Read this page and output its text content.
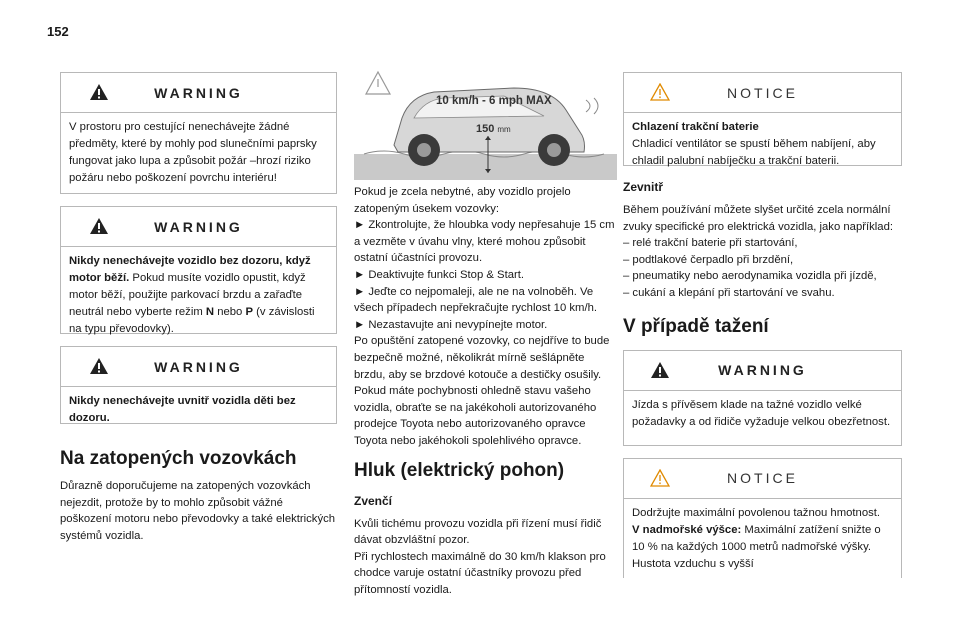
152
WARNING

V prostoru pro cestující nenechávejte žádné předměty, které by mohly pod slunečními paprsky fungovat jako lupa a způsobit požár –hrozí riziko požáru nebo poškození povrchu interiéru!

WARNING

Nikdy nenechávejte vozidlo bez dozoru, když motor běží. Pokud musíte vozidlo opustit, když motor běží, použijte parkovací brzdu a zařaďte neutrál nebo vyberte režim N nebo P (v závislosti na typu převodovky).

WARNING

Nikdy nenechávejte uvnitř vozidla děti bez dozoru.

Na zatopených vozovkách

Důrazně doporučujeme na zatopených vozovkách nejezdit, protože by to mohlo způsobit vážné poškození motoru nebo převodovky a také elektrických systémů vozidla.

10 km/h - 6 mph MAX
150 mm

Pokud je zcela nebytné, aby vozidlo projelo zatopeným úsekem vozovky:

► Zkontrolujte, že hloubka vody nepřesahuje 15 cm a vezměte v úvahu vlny, které mohou způsobit ostatní účastníci provozu.

► Deaktivujte funkci Stop & Start.

► Jeďte co nejpomaleji, ale ne na volnoběh. Ve všech případech nepřekračujte rychlost 10 km/h.

► Nezastavujte ani nevypínejte motor.

Po opuštění zatopené vozovky, co nejdříve to bude bezpečně možné, několikrát mírně sešlápněte brzdu, aby se brzdové kotouče a destičky osušily.

Pokud máte pochybnosti ohledně stavu vašeho vozidla, obraťte se na jakékoholi autorizovaného prodejce Toyota nebo autorizovaného opravce Toyota nebo jakéhokoli spolehlivého opravce.

Hluk (elektrický pohon)
Zvenčí

Kvůli tichému provozu vozidla při řízení musí řidič dávat obzvláštní pozor.

Při rychlostech maximálně do 30 km/h klakson pro chodce varuje ostatní účastníky provozu před přítomností vozidla.

NOTICE

Chlazení trakční baterie

Chladicí ventilátor se spustí během nabíjení, aby chladil palubní nabíječku a trakční baterii.

Zevnitř

Během používání můžete slyšet určité zcela normální zvuky specifické pro elektrická vozidla, jako například:

– relé trakční baterie při startování,

– podtlakové čerpadlo při brzdění,

– pneumatiky nebo aerodynamika vozidla při jízdě,

– cukání a klepání při startování ve svahu.

V případě tažení
WARNING

Jízda s přívěsem klade na tažné vozidlo velké požadavky a od řidiče vyžaduje velkou obezřetnost.

NOTICE

Dodržujte maximální povolenou tažnou hmotnost.

V nadmořské výšce: Maximální zatížení snižte o 10 % na každých 1000 metrů nadmořské výšky. Hustota vzduchu s vyšší
